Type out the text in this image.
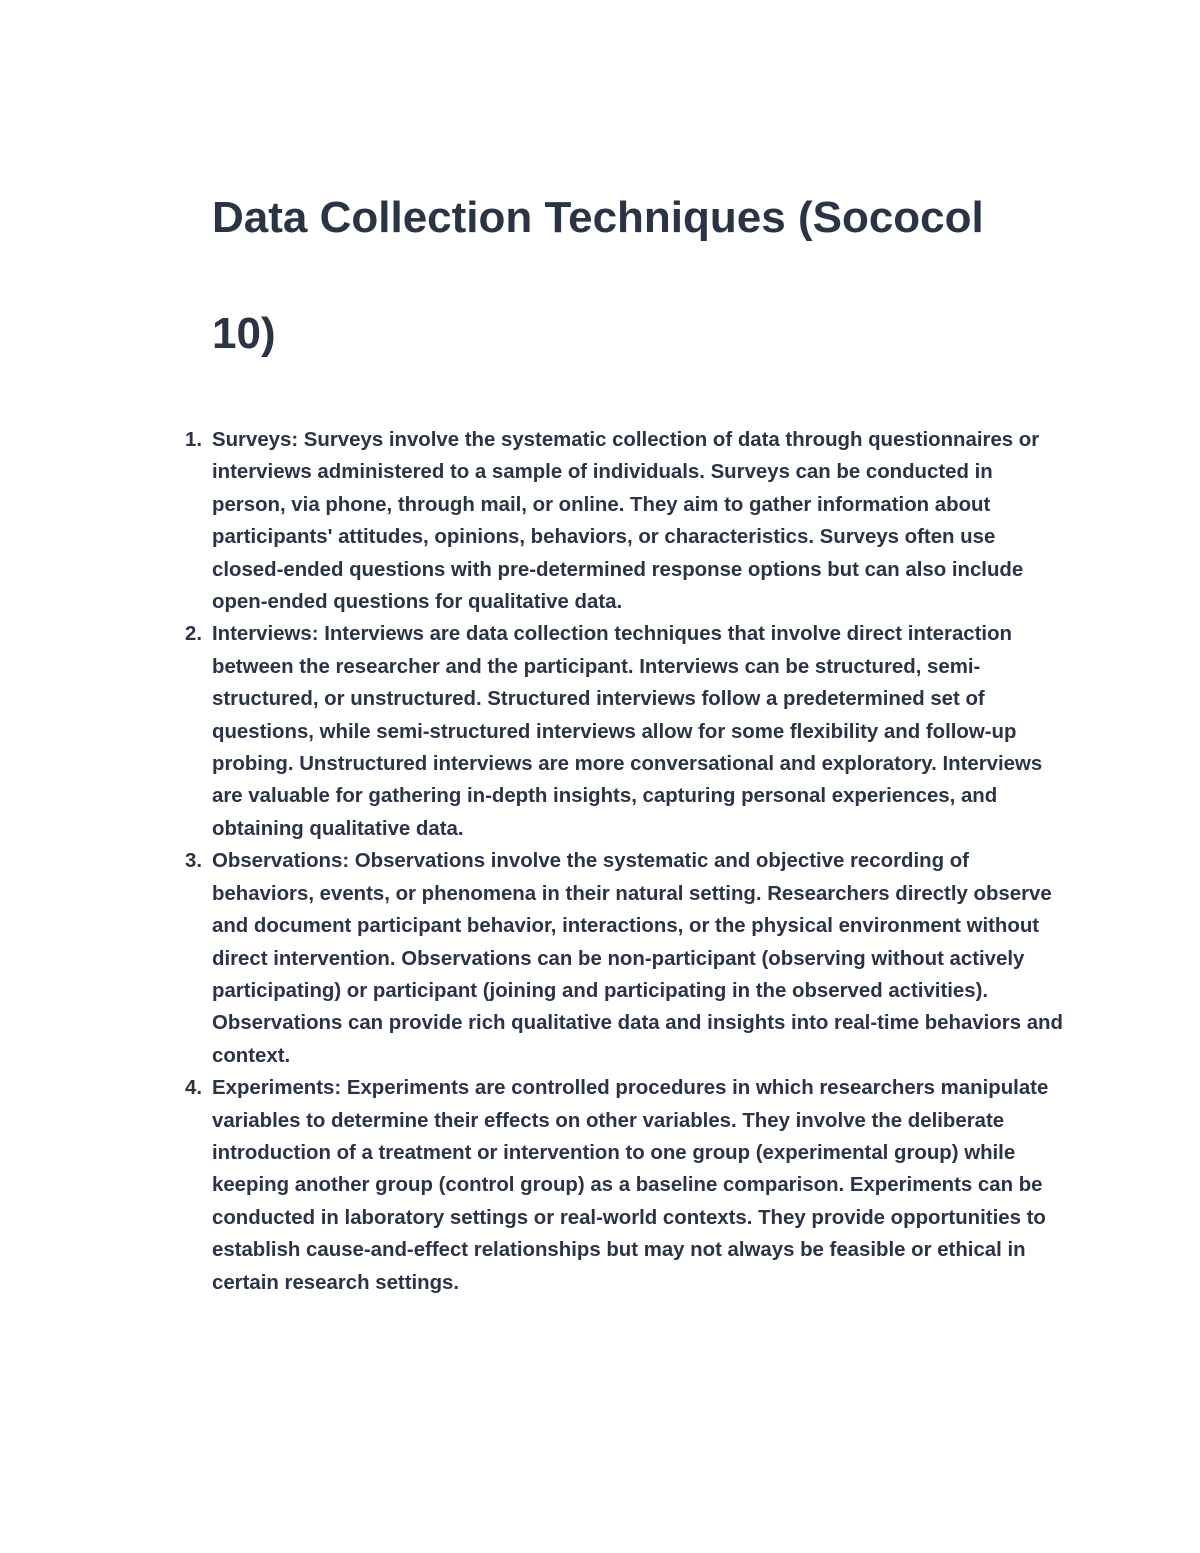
Data Collection Techniques (Sococol 10)
1. Surveys: Surveys involve the systematic collection of data through questionnaires or interviews administered to a sample of individuals. Surveys can be conducted in person, via phone, through mail, or online. They aim to gather information about participants' attitudes, opinions, behaviors, or characteristics. Surveys often use closed-ended questions with pre-determined response options but can also include open-ended questions for qualitative data.
2. Interviews: Interviews are data collection techniques that involve direct interaction between the researcher and the participant. Interviews can be structured, semi-structured, or unstructured. Structured interviews follow a predetermined set of questions, while semi-structured interviews allow for some flexibility and follow-up probing. Unstructured interviews are more conversational and exploratory. Interviews are valuable for gathering in-depth insights, capturing personal experiences, and obtaining qualitative data.
3. Observations: Observations involve the systematic and objective recording of behaviors, events, or phenomena in their natural setting. Researchers directly observe and document participant behavior, interactions, or the physical environment without direct intervention. Observations can be non-participant (observing without actively participating) or participant (joining and participating in the observed activities). Observations can provide rich qualitative data and insights into real-time behaviors and context.
4. Experiments: Experiments are controlled procedures in which researchers manipulate variables to determine their effects on other variables. They involve the deliberate introduction of a treatment or intervention to one group (experimental group) while keeping another group (control group) as a baseline comparison. Experiments can be conducted in laboratory settings or real-world contexts. They provide opportunities to establish cause-and-effect relationships but may not always be feasible or ethical in certain research settings.
